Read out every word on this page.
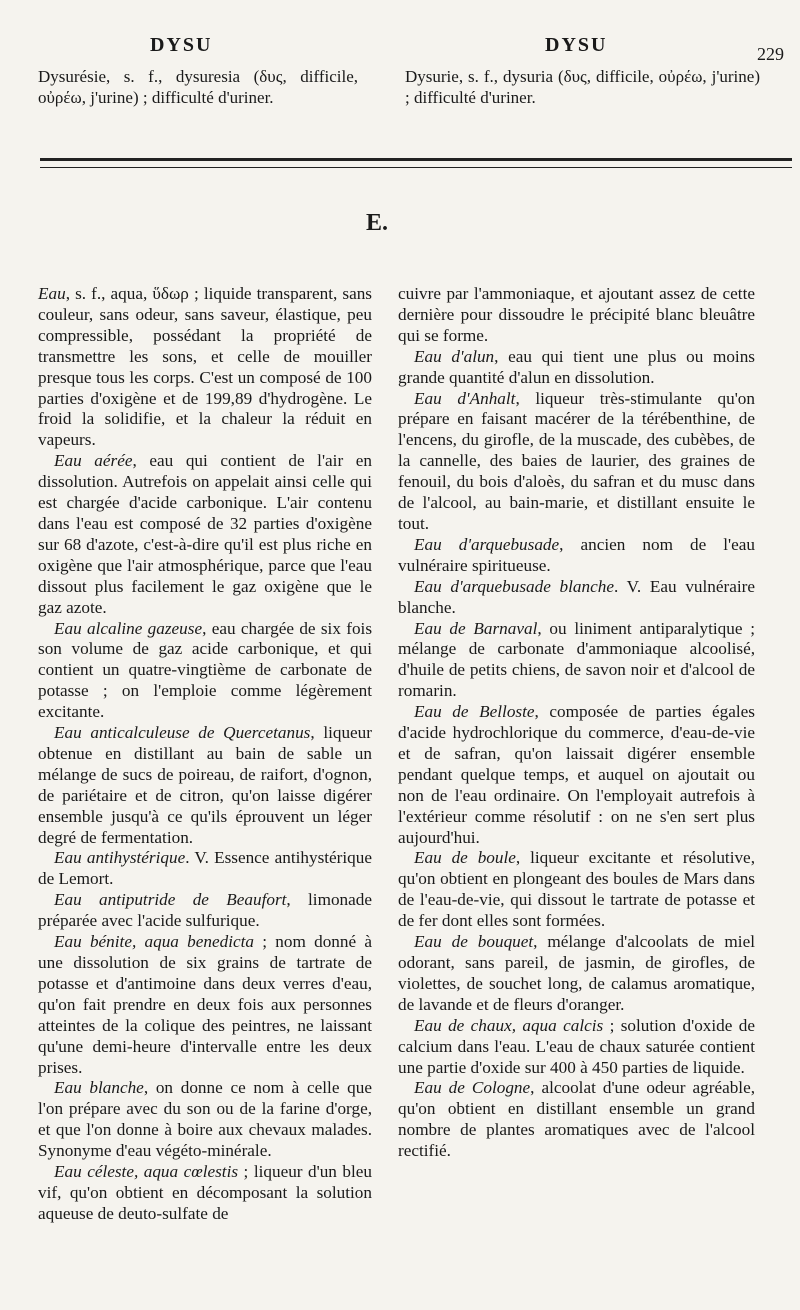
DYSU	DYSU	229
Dysurésie, s. f., dysuresia (δυς, difficile, οὐρέω, j'urine) ; difficulté d'uriner.
Dysurie, s. f., dysuria (δυς, difficile, οὐρέω, j'urine) ; difficulté d'uriner.
E.

Eau, s. f., aqua, ὕδωρ ; liquide transparent, sans couleur, sans odeur, sans saveur, élastique, peu compressible, possédant la propriété de transmettre les sons, et celle de mouiller presque tous les corps. C'est un composé de 100 parties d'oxigène et de 199,89 d'hydrogène. Le froid la solidifie, et la chaleur la réduit en vapeurs.

Eau aérée, eau qui contient de l'air en dissolution. Autrefois on appelait ainsi celle qui est chargée d'acide carbonique. L'air contenu dans l'eau est composé de 32 parties d'oxigène sur 68 d'azote, c'est-à-dire qu'il est plus riche en oxigène que l'air atmosphérique, parce que l'eau dissout plus facilement le gaz oxigène que le gaz azote.

Eau alcaline gazeuse, eau chargée de six fois son volume de gaz acide carbonique, et qui contient un quatre-vingtième de carbonate de potasse ; on l'emploie comme légèrement excitante.

Eau anticalculeuse de Quercetanus, liqueur obtenue en distillant au bain de sable un mélange de sucs de poireau, de raifort, d'ognon, de pariétaire et de citron, qu'on laisse digérer ensemble jusqu'à ce qu'ils éprouvent un léger degré de fermentation.

Eau antihystérique. V. Essence antihystérique de Lemort.

Eau antiputride de Beaufort, limonade préparée avec l'acide sulfurique.

Eau bénite, aqua benedicta ; nom donné à une dissolution de six grains de tartrate de potasse et d'antimoine dans deux verres d'eau, qu'on fait prendre en deux fois aux personnes atteintes de la colique des peintres, ne laissant qu'une demi-heure d'intervalle entre les deux prises.

Eau blanche, on donne ce nom à celle que l'on prépare avec du son ou de la farine d'orge, et que l'on donne à boire aux chevaux malades. Synonyme d'eau végéto-minérale.

Eau céleste, aqua cœlestis ; liqueur d'un bleu vif, qu'on obtient en décomposant la solution aqueuse de deuto-sulfate de

cuivre par l'ammoniaque, et ajoutant assez de cette dernière pour dissoudre le précipité blanc bleuâtre qui se forme.

Eau d'alun, eau qui tient une plus ou moins grande quantité d'alun en dissolution.

Eau d'Anhalt, liqueur très-stimulante qu'on prépare en faisant macérer de la térébenthine, de l'encens, du girofle, de la muscade, des cubèbes, de la cannelle, des baies de laurier, des graines de fenouil, du bois d'aloès, du safran et du musc dans de l'alcool, au bain-marie, et distillant ensuite le tout.

Eau d'arquebusade, ancien nom de l'eau vulnéraire spiritueuse.

Eau d'arquebusade blanche. V. Eau vulnéraire blanche.

Eau de Barnaval, ou liniment antiparalytique ; mélange de carbonate d'ammoniaque alcoolisé, d'huile de petits chiens, de savon noir et d'alcool de romarin.

Eau de Belloste, composée de parties égales d'acide hydrochlorique du commerce, d'eau-de-vie et de safran, qu'on laissait digérer ensemble pendant quelque temps, et auquel on ajoutait ou non de l'eau ordinaire. On l'employait autrefois à l'extérieur comme résolutif : on ne s'en sert plus aujourd'hui.

Eau de boule, liqueur excitante et résolutive, qu'on obtient en plongeant des boules de Mars dans de l'eau-de-vie, qui dissout le tartrate de potasse et de fer dont elles sont formées.

Eau de bouquet, mélange d'alcoolats de miel odorant, sans pareil, de jasmin, de girofles, de violettes, de souchet long, de calamus aromatique, de lavande et de fleurs d'oranger.

Eau de chaux, aqua calcis ; solution d'oxide de calcium dans l'eau. L'eau de chaux saturée contient une partie d'oxide sur 400 à 450 parties de liquide.

Eau de Cologne, alcoolat d'une odeur agréable, qu'on obtient en distillant ensemble un grand nombre de plantes aromatiques avec de l'alcool rectifié.
